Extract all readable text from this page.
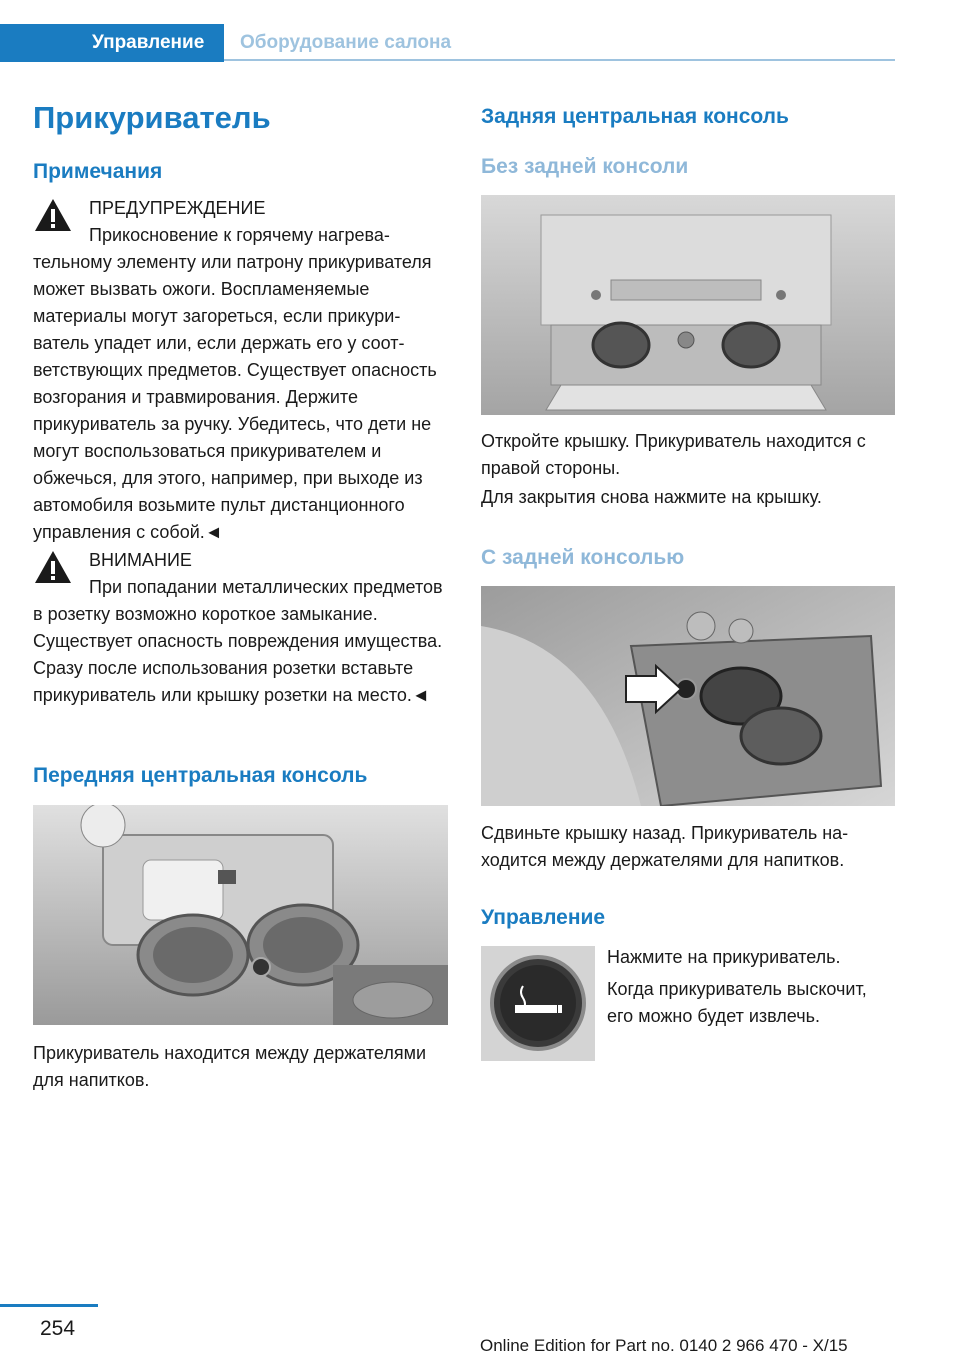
Управление	Оборудование салона
Прикуриватель
Примечания

ПРЕДУПРЕЖДЕНИЕ
Прикосновение к горячему нагревательному элементу или патрону прикуривателя может вызвать ожоги. Воспламеняемые материалы могут загореться, если прикуриватель упадет или, если держать его у соответствующих предметов. Существует опасность возгорания и травмирования. Держите прикуриватель за ручку. Убедитесь, что дети не могут воспользоваться прикуривателем и обжечься, для этого, например, при выходе из автомобиля возьмите пульт дистанционного управления с собой.◄

ВНИМАНИЕ
При попадании металлических предметов в розетку возможно короткое замыкание. Существует опасность повреждения имущества. Сразу после использования розетки вставьте прикуриватель или крышку розетки на место.◄

Передняя центральная консоль

Прикуриватель находится между держателями для напитков.

Задняя центральная консоль
Без задней консоли

Откройте крышку. Прикуриватель находится с правой стороны.

Для закрытия снова нажмите на крышку.

С задней консолью

Сдвиньте крышку назад. Прикуриватель находится между держателями для напитков.

Управление

Нажмите на прикуриватель.

Когда прикуриватель выскочит, его можно будет извлечь.

254
Online Edition for Part no. 0140 2 966 470 - X/15
